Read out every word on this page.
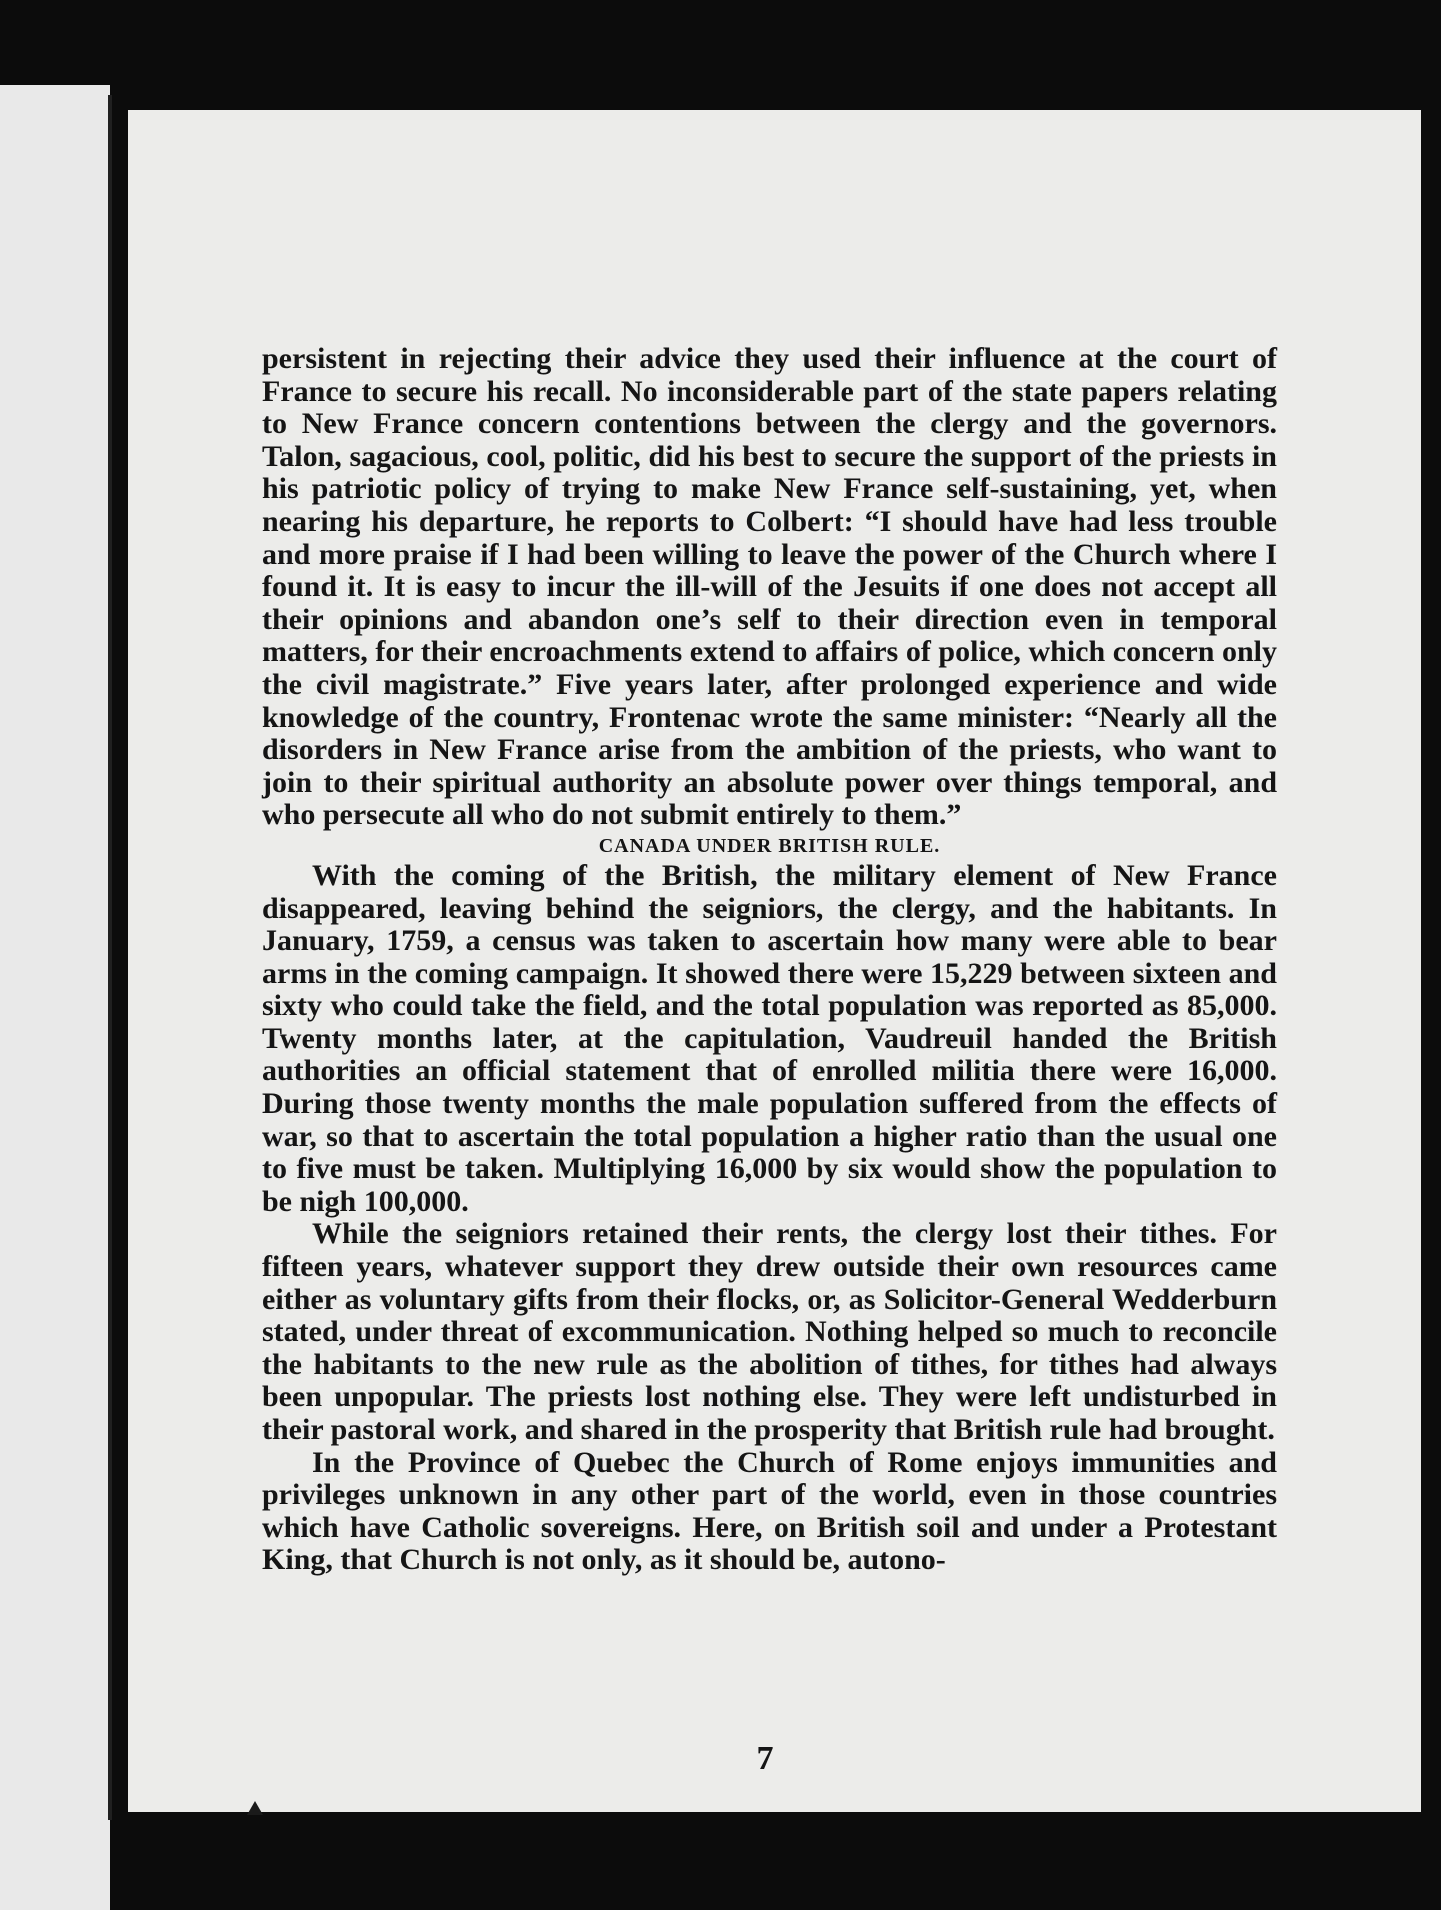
persistent in rejecting their advice they used their influence at the court of France to secure his recall. No inconsiderable part of the state papers relating to New France concern contentions between the clergy and the governors. Talon, sagacious, cool, politic, did his best to secure the support of the priests in his patriotic policy of trying to make New France self-sustaining, yet, when nearing his departure, he reports to Colbert: “I should have had less trouble and more praise if I had been willing to leave the power of the Church where I found it. It is easy to incur the ill-will of the Jesuits if one does not accept all their opinions and abandon one’s self to their direction even in temporal matters, for their encroachments extend to affairs of police, which concern only the civil magistrate.” Five years later, after prolonged experience and wide knowledge of the country, Frontenac wrote the same minister: “Nearly all the disorders in New France arise from the ambition of the priests, who want to join to their spiritual authority an absolute power over things temporal, and who persecute all who do not submit entirely to them.”

CANADA UNDER BRITISH RULE.

With the coming of the British, the military element of New France disappeared, leaving behind the seigniors, the clergy, and the habitants. In January, 1759, a census was taken to ascertain how many were able to bear arms in the coming campaign. It showed there were 15,229 between sixteen and sixty who could take the field, and the total population was reported as 85,000. Twenty months later, at the capitulation, Vaudreuil handed the British authorities an official statement that of enrolled militia there were 16,000. During those twenty months the male population suffered from the effects of war, so that to ascertain the total population a higher ratio than the usual one to five must be taken. Multiplying 16,000 by six would show the population to be nigh 100,000.

While the seigniors retained their rents, the clergy lost their tithes. For fifteen years, whatever support they drew outside their own resources came either as voluntary gifts from their flocks, or, as Solicitor-General Wedderburn stated, under threat of excommunication. Nothing helped so much to reconcile the habitants to the new rule as the abolition of tithes, for tithes had always been unpopular. The priests lost nothing else. They were left undisturbed in their pastoral work, and shared in the prosperity that British rule had brought.

In the Province of Quebec the Church of Rome enjoys immunities and privileges unknown in any other part of the world, even in those countries which have Catholic sovereigns. Here, on British soil and under a Protestant King, that Church is not only, as it should be, autono-

7
